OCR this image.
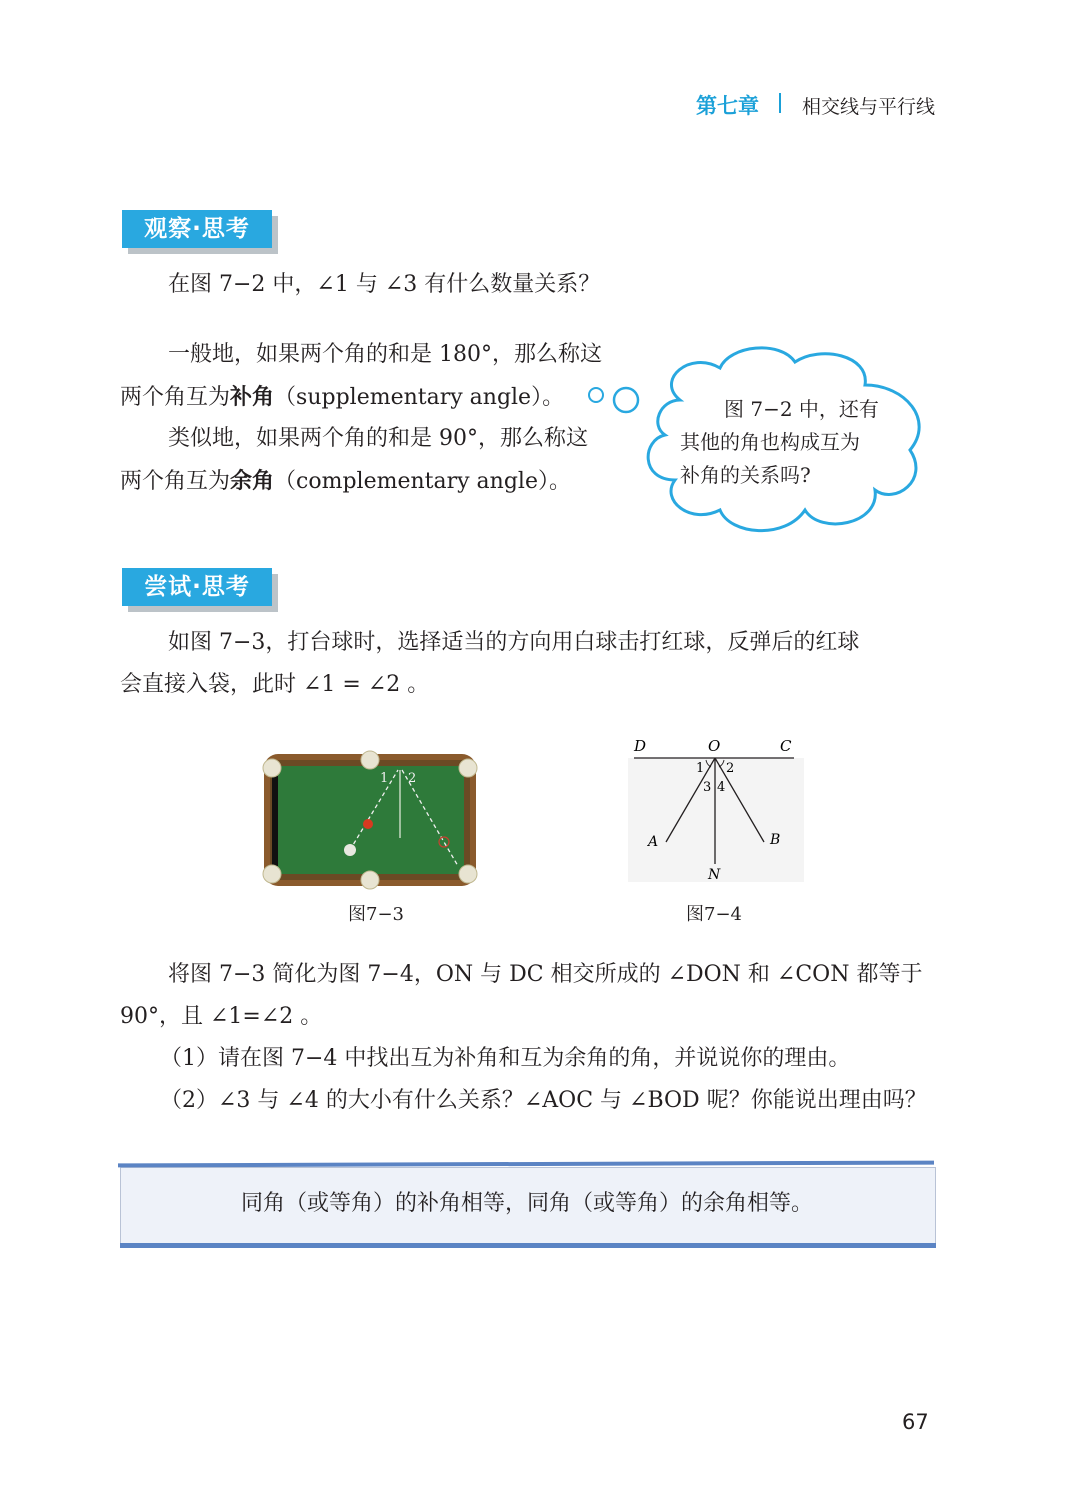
第七章 相交线与平行线
观察·思考
在图 7−2 中，∠1 与 ∠3 有什么数量关系？
一般地，如果两个角的和是 180°，那么称这
两个角互为补角（supplementary angle）。
类似地，如果两个角的和是 90°，那么称这
两个角互为余角（complementary angle）。
图 7−2 中，还有
其他的角也构成互为
补角的关系吗?
尝试·思考
如图 7−3，打台球时，选择适当的方向用白球击打红球，反弹后的红球
会直接入袋，此时 ∠1 = ∠2 。
1 2
图7−3
D	O	C
1 2
3 4
A	B
N
图7−4
将图 7−3 简化为图 7−4，ON 与 DC 相交所成的 ∠DON 和 ∠CON 都等于
90°，且 ∠1=∠2 。
（1）请在图 7−4 中找出互为补角和互为余角的角，并说说你的理由。
（2）∠3 与 ∠4 的大小有什么关系？∠AOC 与 ∠BOD 呢？你能说出理由吗？
同角（或等角）的补角相等，同角（或等角）的余角相等。
67
